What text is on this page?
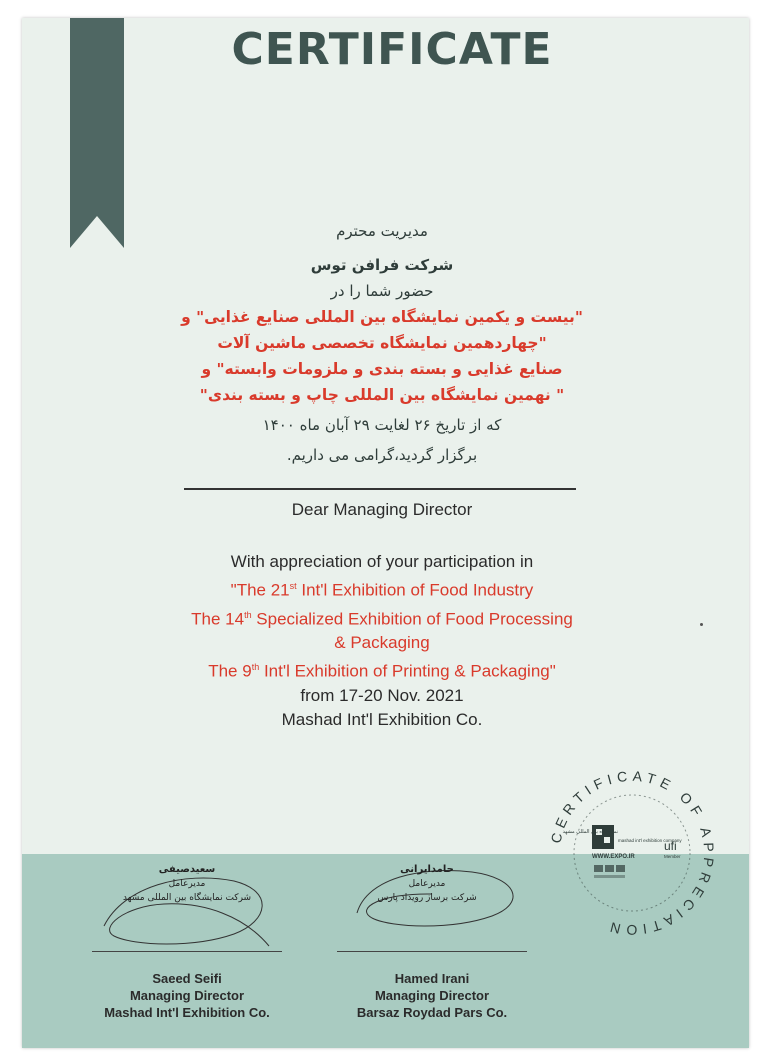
CERTIFICATE
مدیریت محترم
شرکت فرافن توس
حضور شما را در
"بیست و یکمین نمایشگاه بین المللی صنایع غذایی" و
"چهاردهمین نمایشگاه تخصصی ماشین آلات
صنایع غذایی و بسته بندی و ملزومات وابسته" و
" نهمین نمایشگاه بین المللی چاپ و بسته بندی"
که از تاریخ ۲۶ لغایت ۲۹ آبان ماه ۱۴۰۰
برگزار گردید،گرامی می داریم.
Dear Managing Director
With appreciation of your participation in
"The 21st Int'l Exhibition of Food Industry
The 14th Specialized Exhibition of Food Processing
& Packaging
The 9th Int'l Exhibition of Printing & Packaging"
from 17-20 Nov. 2021
Mashad Int'l Exhibition Co.
CERTIFICATE OF APPRECIATION
نمایشگاه بین المللی مشهد
mashad int'l exhibition company
WWW.EXPO.IR
ufi
Member
سعیدصیفی
مدیرعامل
شرکت نمایشگاه بین المللی مشهد
Saeed Seifi
Managing Director
Mashad Int'l Exhibition Co.
حامدایرانی
مدیرعامل
شرکت برساز رویداد پارس
Hamed Irani
Managing Director
Barsaz Roydad Pars Co.
